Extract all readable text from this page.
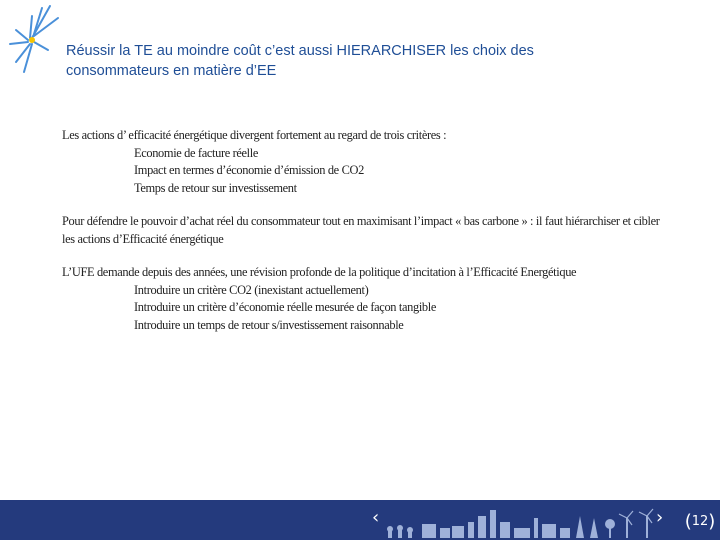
Réussir la TE au moindre coût c’est aussi HIERARCHISER les choix des
consommateurs en matière d’EE

Les actions d’ efficacité énergétique divergent fortement au regard de trois critères :

Economie de facture réelle

Impact en termes d’économie d’émission de CO2

Temps de retour sur investissement

Pour défendre le pouvoir d’achat réel du consommateur tout en maximisant l’impact « bas carbone » : il faut hiérarchiser et cibler les actions d’Efficacité énergétique

L’UFE demande depuis des années, une révision profonde de la politique d’incitation à l’Efficacité Energétique

Introduire un critère CO2 (inexistant actuellement)

Introduire un critère d’économie réelle mesurée de façon tangible

Introduire un temps de retour s/investissement raisonnable

‹	› ( 12 )
